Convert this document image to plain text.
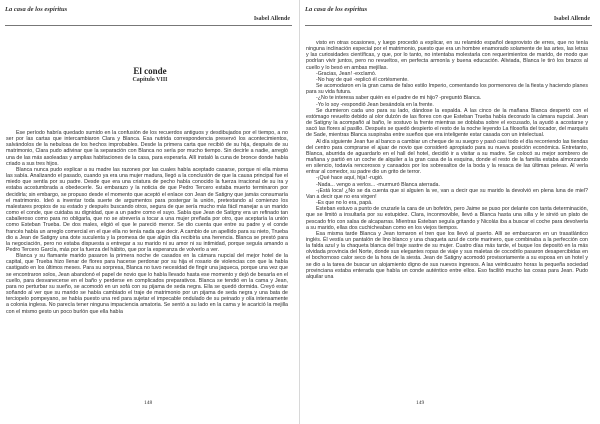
La casa de los espíritus
Isabel Allende
El conde
Capítulo VIII

Ese período habría quedado sumido en la confusión de los recuerdos antiguos y desdibujados por el tiempo, a no ser por las cartas que intercambiaron Clara y Blanca. Esa nutrida correspondencia preservó los acontecimientos, salvándolos de la nebulosa de los hechos improbables. Desde la primera carta que recibió de su hija, después de su matrimonio, Clara pudo adivinar que la separación con Blanca no sería por mucho tiempo. Sin decirle a nadie, arregló una de las más asoleadas y amplias habitaciones de la casa, para esperarla. Allí instaló la cuna de bronce donde había criado a sus tres hijos.

Blanca nunca pudo explicar a su madre las razones por las cuales había aceptado casarse, porque ni ella misma las sabía. Analizando el pasado, cuando ya era una mujer madura, llegó a la conclusión de que la causa principal fue el miedo que sentía por su padre. Desde que era una criatura de pecho había conocido la fuerza irracional de su ira y estaba acostumbrada a obedecerle. Su embarazo y la noticia de que Pedro Tercero estaba muerto terminaron por decidirla; sin embargo, se propuso desde el momento que aceptó el enlace con Jean de Satigny que jamás consumaría el matrimonio. Ideó a inventar toda suerte de argumentos para postergar la unión, pretextando al comienzo los malestares propios de su estado y después buscando otros, segura de que sería mucho más fácil manejar a un marido como el conde, que cuidaba su dignidad, que a un padre como el suyo. Sabía que Jean de Satigny era un refinado tan caballeroso como para no obligarla, que no se atrevería a tocar a una mujer preñada por otro, que aceptaría la unión como Esteban Trueba. De dos males, eligió el que le pareció menor. Se dio cuenta que entre su padre y el conde francés había un arreglo comercial en el que ella no tenía nada que decir. A cambio de un apellido para su nieto, Trueba dio a Jean de Satigny una dote suculenta y la promesa de que algún día recibiría una herencia. Blanca se prestó para la negociación, pero no estaba dispuesta a entregar a su marido ni su amor ni su intimidad, porque seguía amando a Pedro Tercero García, más por la fuerza del hábito, que por la esperanza de volverlo a ver.

Blanca y su flamante marido pasaron la primera noche de casados en la cámara nupcial del mejor hotel de la capital, que Trueba hizo llenar de flores para hacerse perdonar por su hija el rosario de violencias con que la había castigado en los últimos meses. Para su sorpresa, Blanca no tuvo necesidad de fingir una jaqueca, porque una vez que se encontraron solos, Jean abandonó el papel de novio que lo había llevado hasta ese momento y dejó de besarla en el cuello, para desvanecerse en el baño y perderse en complicados preparativos. Blanca se tendió en la cama y Jean, para no perturbar su sueño, se acomodó en un sofá con su pijama de seda negra. Ella se quedó dormida. Creyó estar soñando al ver que su marido se había cambiado el traje de matrimonio por un pijama de seda negra y una bata de terciopelo pompeyano, se había puesto una red para sujetar el impecable ondulado de su peinado y olía intensamente a colonia inglesa. No parecía tener ninguna impaciencia amatoria. Se sentó a su lado en la cama y le acarició la mejilla con el mismo gesto un poco burlón que ella había

148
La casa de los espíritus
Isabel Allende

visto en otras ocasiones, y luego procedió a explicar, en su relamido español desprovisto de erres, que no tenía ninguna inclinación especial por el matrimonio, puesto que era un hombre enamorado solamente de las artes, las letras y las curiosidades científicas, y que, por lo tanto, no intentaba molestarla con requerimientos de marido, de modo que podrían vivir juntos, pero no revueltos, en perfecta armonía y buena educación. Aliviada, Blanca le tiró los brazos al cuello y lo besó en ambas mejillas.

-Gracias, Jean! -exclamó.

-No hay de qué -replicó él cortésmente.

Se acomodaron en la gran cama de falso estilo Imperio, comentando los pormenores de la fiesta y haciendo planes para su vida futura.

-¿No te interesa saber quién es el padre de mi hijo? -preguntó Blanca.

-Yo lo soy -respondió Jean besándola en la frente.

Se durmieron cada uno para su lado, dándose la espalda. A las cinco de la mañana Blanca despertó con el estómago revuelto debido al olor dulzón de las flores con que Esteban Trueba había decorado la cámara nupcial. Jean de Satigny la acompañó al baño, le sostuvo la frente mientras se doblaba sobre el excusado, la ayudó a acostarse y sacó las flores al pasillo. Después se quedó despierto el resto de la noche leyendo La filosofía del tocador, del marqués de Sade, mientras Blanca suspiraba entre sueños que era inteligente estar casada con un intelectual.

Al día siguiente Jean fue al banco a cambiar un cheque de su suegro y pasó casi todo el día recorriendo las tiendas del centro para comprarse el ajuar de novio que consideró apropiado para su nueva posición económica. Entretanto, Blanca, aburrida de aguardarlo en el hall del hotel, decidió ir a visitar a su madre. Se colocó su mejor sombrero de mañana y partió en un coche de alquiler a la gran casa de la esquina, donde el resto de la familia estaba almorzando en silencio, todavía rencorosos y cansados por los sobresaltos de la boda y la resaca de las últimas peleas. Al verla entrar al comedor, su padre dio un grito de terror.

-¡Qué hace aquí, hija! -rugió.

-Nada... vengo a verlos... -murmuró Blanca aterrada.

-¡Está loca! ¿No se da cuenta que si alguien la ve, van a decir que su marido la devolvió en plena luna de miel? Van a decir que no era virgen!

-Es que no lo era, papá.

Esteban estuvo a punto de cruzarle la cara de un bofetón, pero Jaime se puso por delante con tanta determinación, que se limitó a insultarla por su estupidez. Clara, inconmovible, llevó a Blanca hasta una silla y le sirvió un plato de pescado frío con salsa de alcaparras. Mientras Esteban seguía gritando y Nicolás iba a buscar el coche para devolverla a su marido, ellas dos cuchicheaban como en los viejos tiempos.

Esa misma tarde Blanca y Jean tomaron el tren que los llevó al puerto. Allí se embarcaron en un trasatlántico inglés. Él vestía un pantalón de lino blanco y una chaqueta azul de corte marinero, que combinaba a la perfección con la falda azul y la chaqueta blanca del traje sastre de su mujer. Cuatro días más tarde, el buque los depositó en la más olvidada provincia del Norte, donde sus elegantes ropas de viaje y sus maletas de cocodrilo pasaron desapercibidas en el bochornoso calor seco de la hora de la siesta. Jean de Satigny acomodó provisoriamente a su esposa en un hotel y se dio a la tarea de buscar un alojamiento digno de sus nuevos ingresos. A las veinticuatro horas la pequeña sociedad provinciana estaba enterada que había un conde auténtico entre ellos. Eso facilitó mucho las cosas para Jean. Pudo alquilar una

149
